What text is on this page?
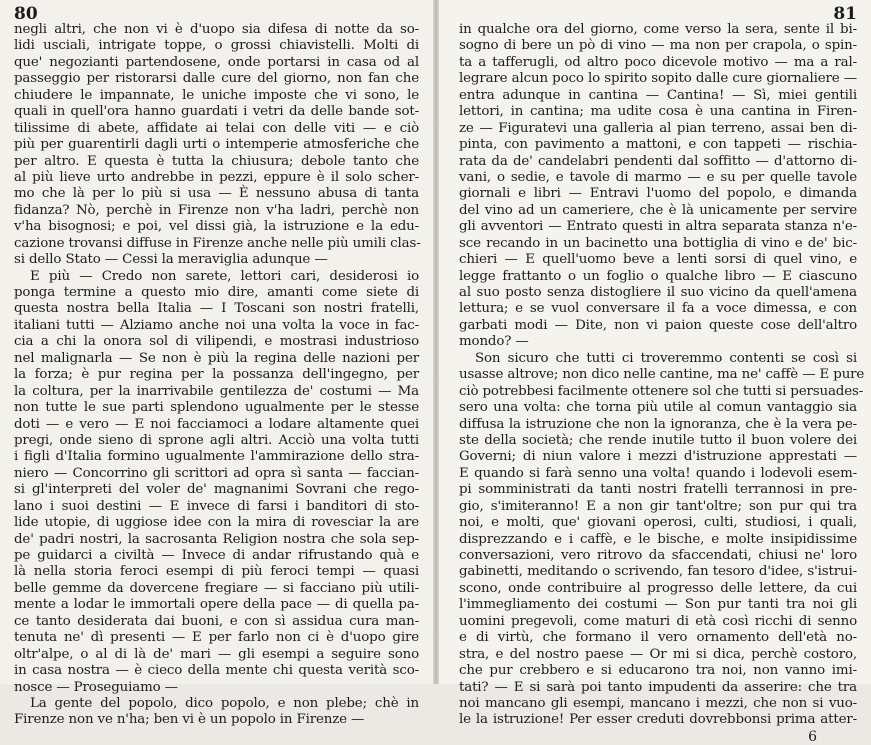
80
negli altri, che non vi è d'uopo sia difesa di notte da so-
lidi usciali, intrigate toppe, o grossi chiavistelli. Molti di
que' negozianti partendosene, onde portarsi in casa od al
passeggio per ristorarsi dalle cure del giorno, non fan che
chiudere le impannate, le uniche imposte che vi sono, le
quali in quell'ora hanno guardati i vetri da delle bande sot-
tilissime di abete, affidate ai telai con delle viti — e ciò
più per guarentirli dagli urti o intemperie atmosferiche che
per altro. E questa è tutta la chiusura; debole tanto che
al più lieve urto andrebbe in pezzi, eppure è il solo scher-
mo che là per lo più si usa — È nessuno abusa di tanta
fidanza? Nò, perchè in Firenze non v'ha ladri, perchè non
v'ha bisognosi; e poi, vel dissi già, la istruzione e la edu-
cazione trovansi diffuse in Firenze anche nelle più umili clas-
si dello Stato — Cessi la meraviglia adunque —
E più — Credo non sarete, lettori cari, desiderosi io
ponga termine a questo mio dire, amanti come siete di
questa nostra bella Italia — I Toscani son nostri fratelli,
italiani tutti — Alziamo anche noi una volta la voce in fac-
cia a chi la onora sol di vilipendi, e mostrasi industrioso
nel malignarla — Se non è più la regina delle nazioni per
la forza; è pur regina per la possanza dell'ingegno, per
la coltura, per la inarrivabile gentilezza de' costumi — Ma
non tutte le sue parti splendono ugualmente per le stesse
doti — e vero — E noi facciamoci a lodare altamente quei
pregi, onde sieno di sprone agli altri. Acciò una volta tutti
i figli d'Italia formino ugualmente l'ammirazione dello stra-
niero — Concorrino gli scrittori ad opra sì santa — faccian-
si gl'interpreti del voler de' magnanimi Sovrani che rego-
lano i suoi destini — E invece di farsi i banditori di sto-
lide utopie, di uggiose idee con la mira di rovesciar la are
de' padri nostri, la sacrosanta Religion nostra che sola sep-
pe guidarci a civiltà — Invece di andar rifrustando quà e
là nella storia feroci esempi di più feroci tempi — quasi
belle gemme da dovercene fregiare — si facciano più utili-
mente a lodar le immortali opere della pace — di quella pa-
ce tanto desiderata dai buoni, e con sì assidua cura man-
tenuta ne' dì presenti — E per farlo non ci è d'uopo gire
oltr'alpe, o al di là de' mari — gli esempi a seguire sono
in casa nostra — è cieco della mente chi questa verità sco-
nosce — Proseguiamo —
La gente del popolo, dico popolo, e non plebe; chè in
Firenze non ve n'ha; ben vi è un popolo in Firenze —
81
in qualche ora del giorno, come verso la sera, sente il bi-
sogno di bere un pò di vino — ma non per crapola, o spin-
ta a tafferugli, od altro poco dicevole motivo — ma a ral-
legrare alcun poco lo spirito sopito dalle cure giornaliere —
entra adunque in cantina — Cantina! — Sì, miei gentili
lettori, in cantina; ma udite cosa è una cantina in Firen-
ze — Figuratevi una galleria al pian terreno, assai ben di-
pinta, con pavimento a mattoni, e con tappeti — rischia-
rata da de' candelabri pendenti dal soffitto — d'attorno di-
vani, o sedie, e tavole di marmo — e su per quelle tavole
giornali e libri — Entravi l'uomo del popolo, e dimanda
del vino ad un cameriere, che è là unicamente per servire
gli avventori — Entrato questi in altra separata stanza n'e-
sce recando in un bacinetto una bottiglia di vino e de' bic-
chieri — E quell'uomo beve a lenti sorsi di quel vino, e
legge frattanto o un foglio o qualche libro — E ciascuno
al suo posto senza distogliere il suo vicino da quell'amena
lettura; e se vuol conversare il fa a voce dimessa, e con
garbati modi — Dite, non vi paion queste cose dell'altro
mondo? —
Son sicuro che tutti ci troveremmo contenti se così si
usasse altrove; non dico nelle cantine, ma ne' caffè — E pure
ciò potrebbesi facilmente ottenere sol che tutti si persuades-
sero una volta: che torna più utile al comun vantaggio sia
diffusa la istruzione che non la ignoranza, che è la vera pe-
ste della società; che rende inutile tutto il buon volere dei
Governi; di niun valore i mezzi d'istruzione apprestati —
E quando si farà senno una volta! quando i lodevoli esem-
pi somministrati da tanti nostri fratelli terrannosi in pre-
gio, s'imiteranno! E a non gir tant'oltre; son pur qui tra
noi, e molti, que' giovani operosi, culti, studiosi, i quali,
disprezzando e i caffè, e le bische, e molte insipidissime
conversazioni, vero ritrovo da sfaccendati, chiusi ne' loro
gabinetti, meditando o scrivendo, fan tesoro d'idee, s'istrui-
scono, onde contribuire al progresso delle lettere, da cui
l'immegliamento dei costumi — Son pur tanti tra noi gli
uomini pregevoli, come maturi di età così ricchi di senno
e di virtù, che formano il vero ornamento dell'età no-
stra, e del nostro paese — Or mi si dica, perchè costoro,
che pur crebbero e si educarono tra noi, non vanno imi-
tati? — E si sarà poi tanto impudenti da asserire: che tra
noi mancano gli esempi, mancano i mezzi, che non si vuo-
le la istruzione! Per esser creduti dovrebbonsi prima atter-
6
